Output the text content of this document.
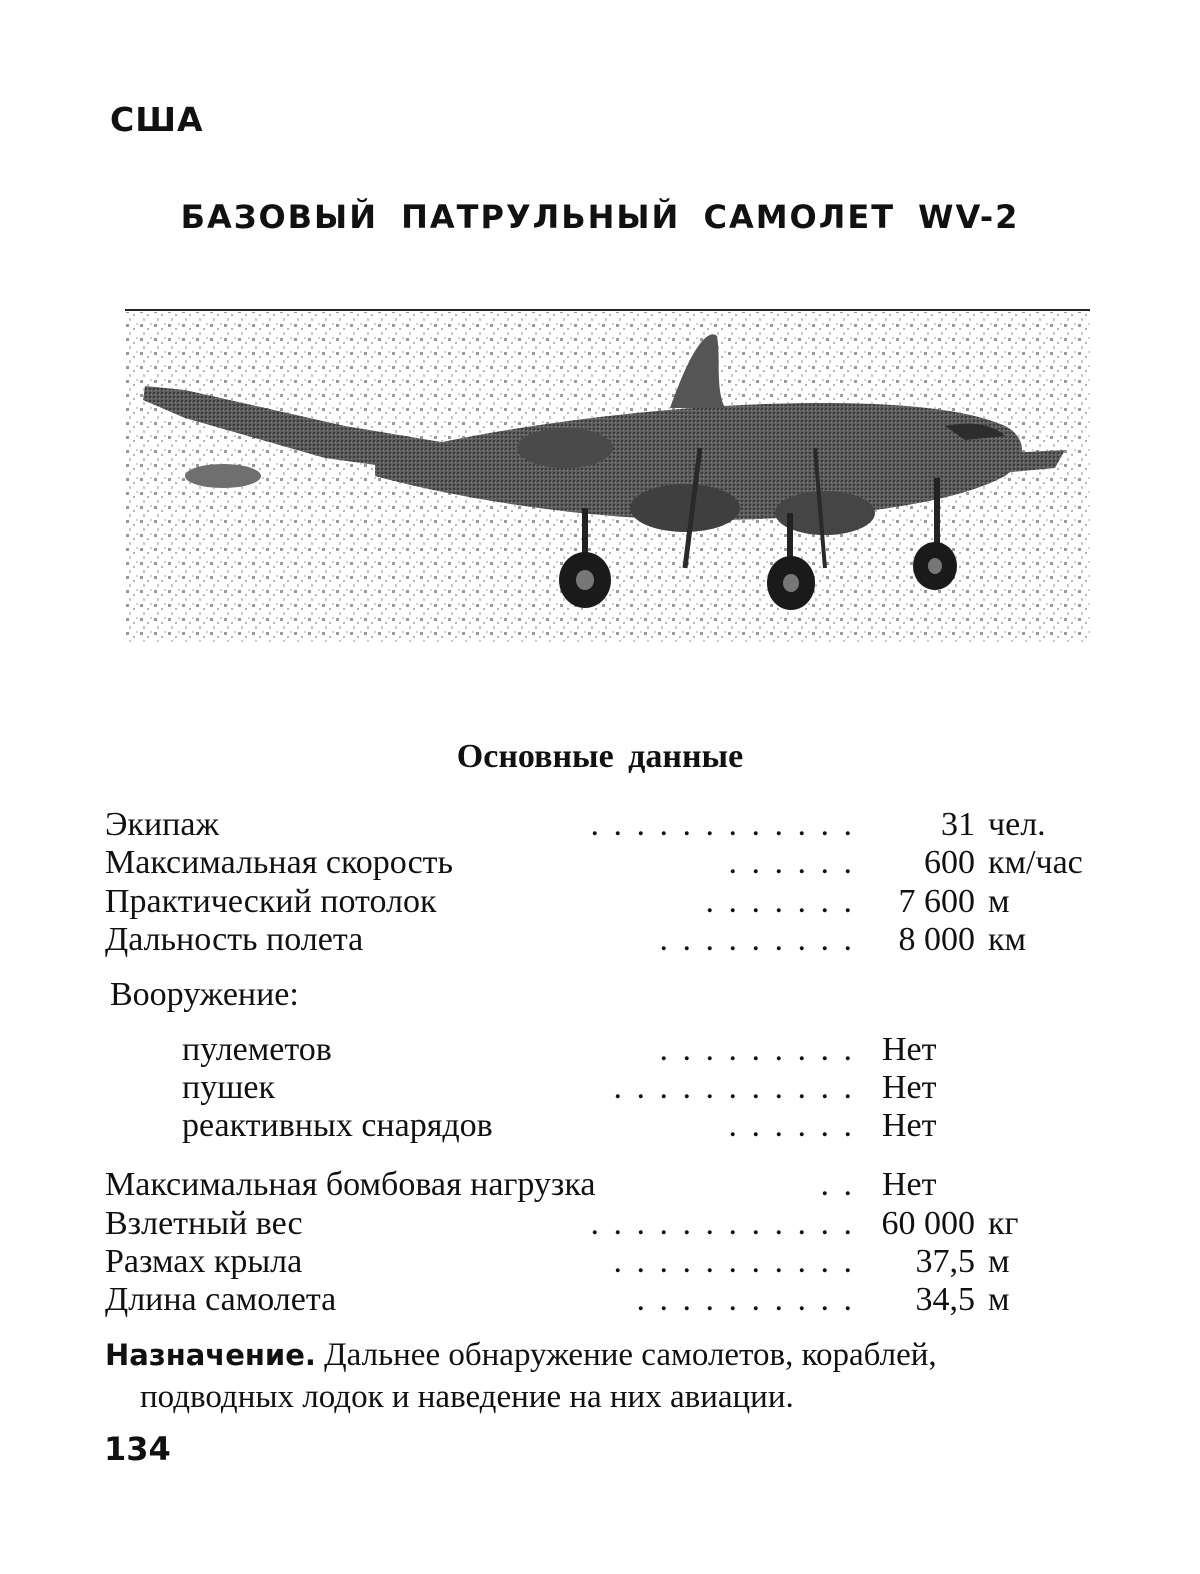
США
БАЗОВЫЙ ПАТРУЛЬНЫЙ САМОЛЕТ WV-2
Основные данные
Экипаж	. . . . . . . . . . . .	31 чел.
Максимальная скорость	. . . . . . 600 км/час
Практический потолок	. . . . . . . 7 600 м
Дальность полета	. . . . . . . . . 8 000 км
Вооружение:
пулеметов	. . . . . . . . . Нет
пушек	. . . . . . . . . . . Нет
реактивных снарядов	. . . . . . Нет
Максимальная бомбовая нагрузка	. . Нет
Взлетный вес	. . . . . . . . . . . . 60 000 кг
Размах крыла	. . . . . . . . . . . 37,5 м
Длина самолета	. . . . . . . . . . 34,5 м
Назначение. Дальнее обнаружение самолетов, кораблей,
подводных лодок и наведение на них авиации.
134
